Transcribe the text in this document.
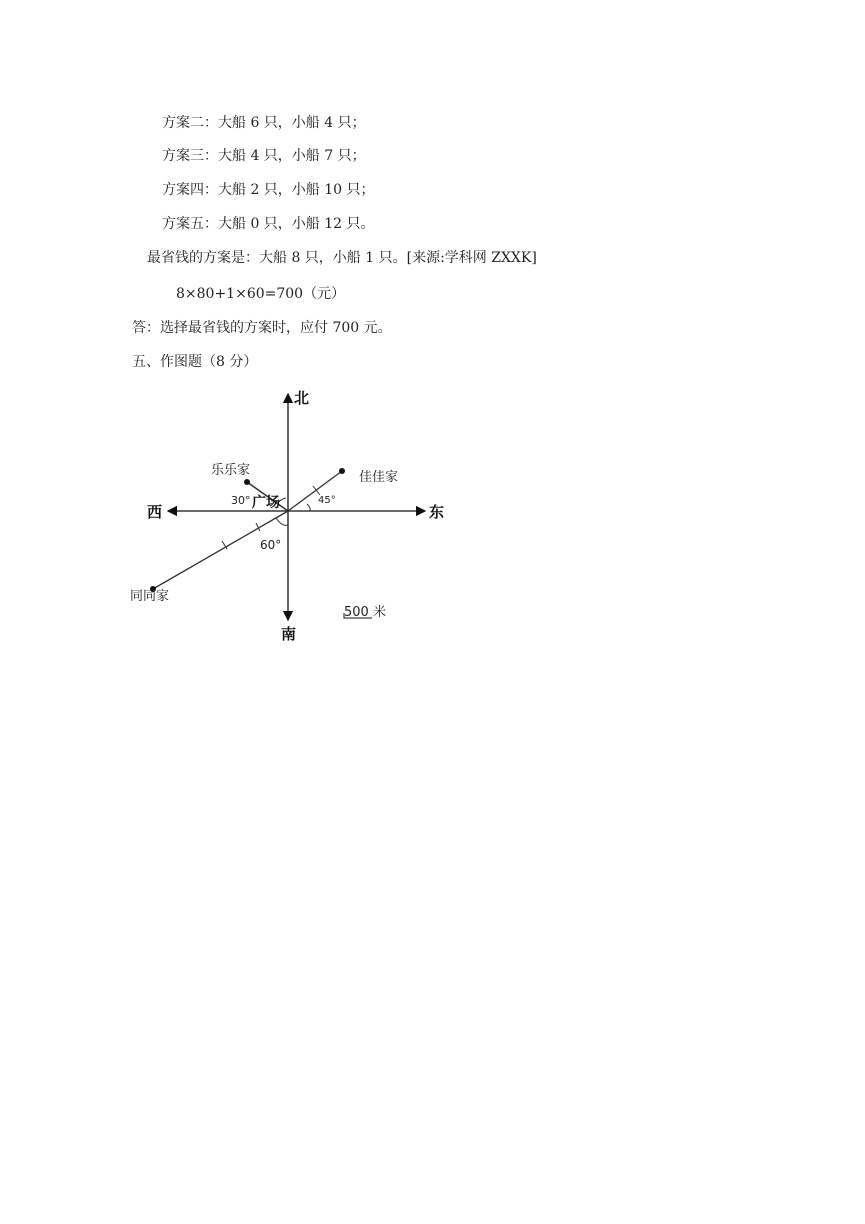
方案二：大船 6 只，小船 4 只；
方案三：大船 4 只，小船 7 只；
方案四：大船 2 只，小船 10 只；
方案五：大船 0 只，小船 12 只。
最省钱的方案是：大船 8 只，小船 1 只。[来源:学科网 ZXXK]
8×80+1×60=700（元）
答：选择最省钱的方案时，应付 700 元。
五、作图题（8 分）
北
南
东
西	广场
乐乐家	佳佳家
同同家
30°	45°
60°
500 米
